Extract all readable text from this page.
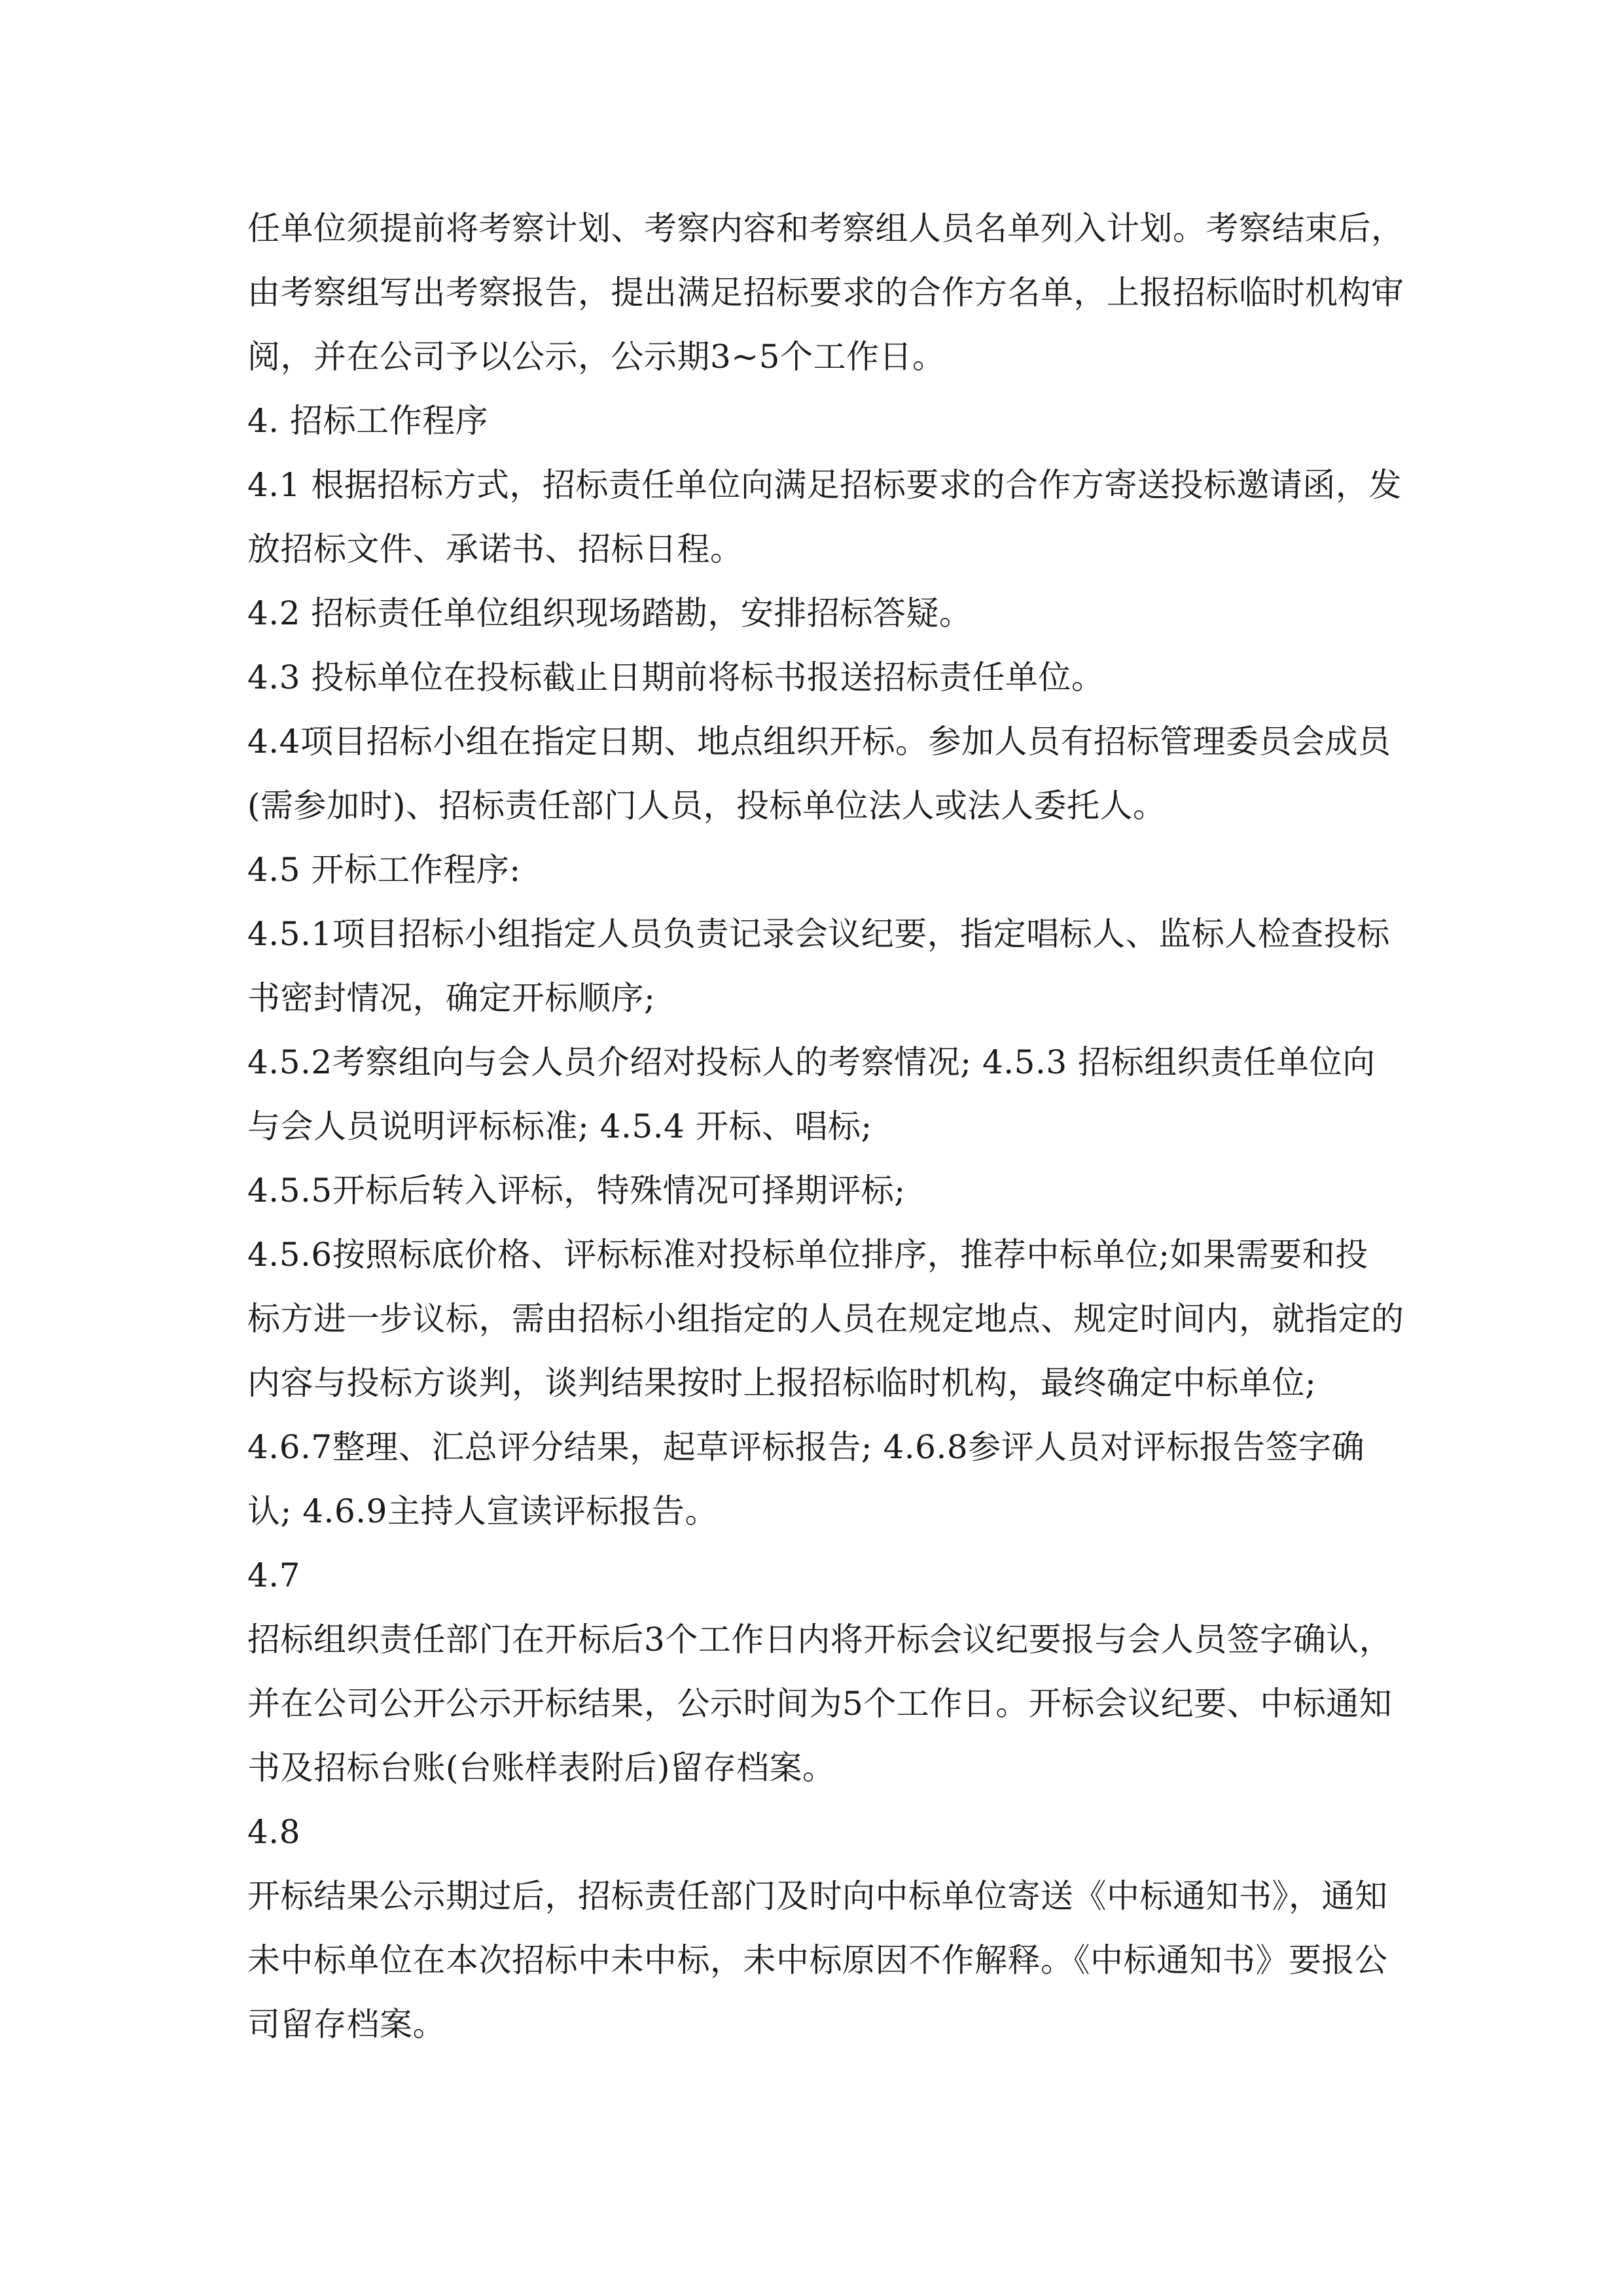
任单位须提前将考察计划、考察内容和考察组人员名单列入计划。考察结束后，
由考察组写出考察报告，提出满足招标要求的合作方名单，上报招标临时机构审
阅，并在公司予以公示，公示期3~5个工作日。
4. 招标工作程序
4.1 根据招标方式，招标责任单位向满足招标要求的合作方寄送投标邀请函，发
放招标文件、承诺书、招标日程。
4.2 招标责任单位组织现场踏勘，安排招标答疑。
4.3 投标单位在投标截止日期前将标书报送招标责任单位。
4.4项目招标小组在指定日期、地点组织开标。参加人员有招标管理委员会成员
(需参加时)、招标责任部门人员，投标单位法人或法人委托人。
4.5 开标工作程序:
4.5.1项目招标小组指定人员负责记录会议纪要，指定唱标人、监标人检查投标
书密封情况，确定开标顺序;
4.5.2考察组向与会人员介绍对投标人的考察情况; 4.5.3 招标组织责任单位向
与会人员说明评标标准; 4.5.4 开标、唱标;
4.5.5开标后转入评标，特殊情况可择期评标;
4.5.6按照标底价格、评标标准对投标单位排序，推荐中标单位;如果需要和投
标方进一步议标，需由招标小组指定的人员在规定地点、规定时间内，就指定的
内容与投标方谈判，谈判结果按时上报招标临时机构，最终确定中标单位;
4.6.7整理、汇总评分结果，起草评标报告; 4.6.8参评人员对评标报告签字确
认; 4.6.9主持人宣读评标报告。
4.7
招标组织责任部门在开标后3个工作日内将开标会议纪要报与会人员签字确认，
并在公司公开公示开标结果，公示时间为5个工作日。开标会议纪要、中标通知
书及招标台账(台账样表附后)留存档案。
4.8
开标结果公示期过后，招标责任部门及时向中标单位寄送《中标通知书》，通知
未中标单位在本次招标中未中标，未中标原因不作解释。《中标通知书》要报公
司留存档案。
